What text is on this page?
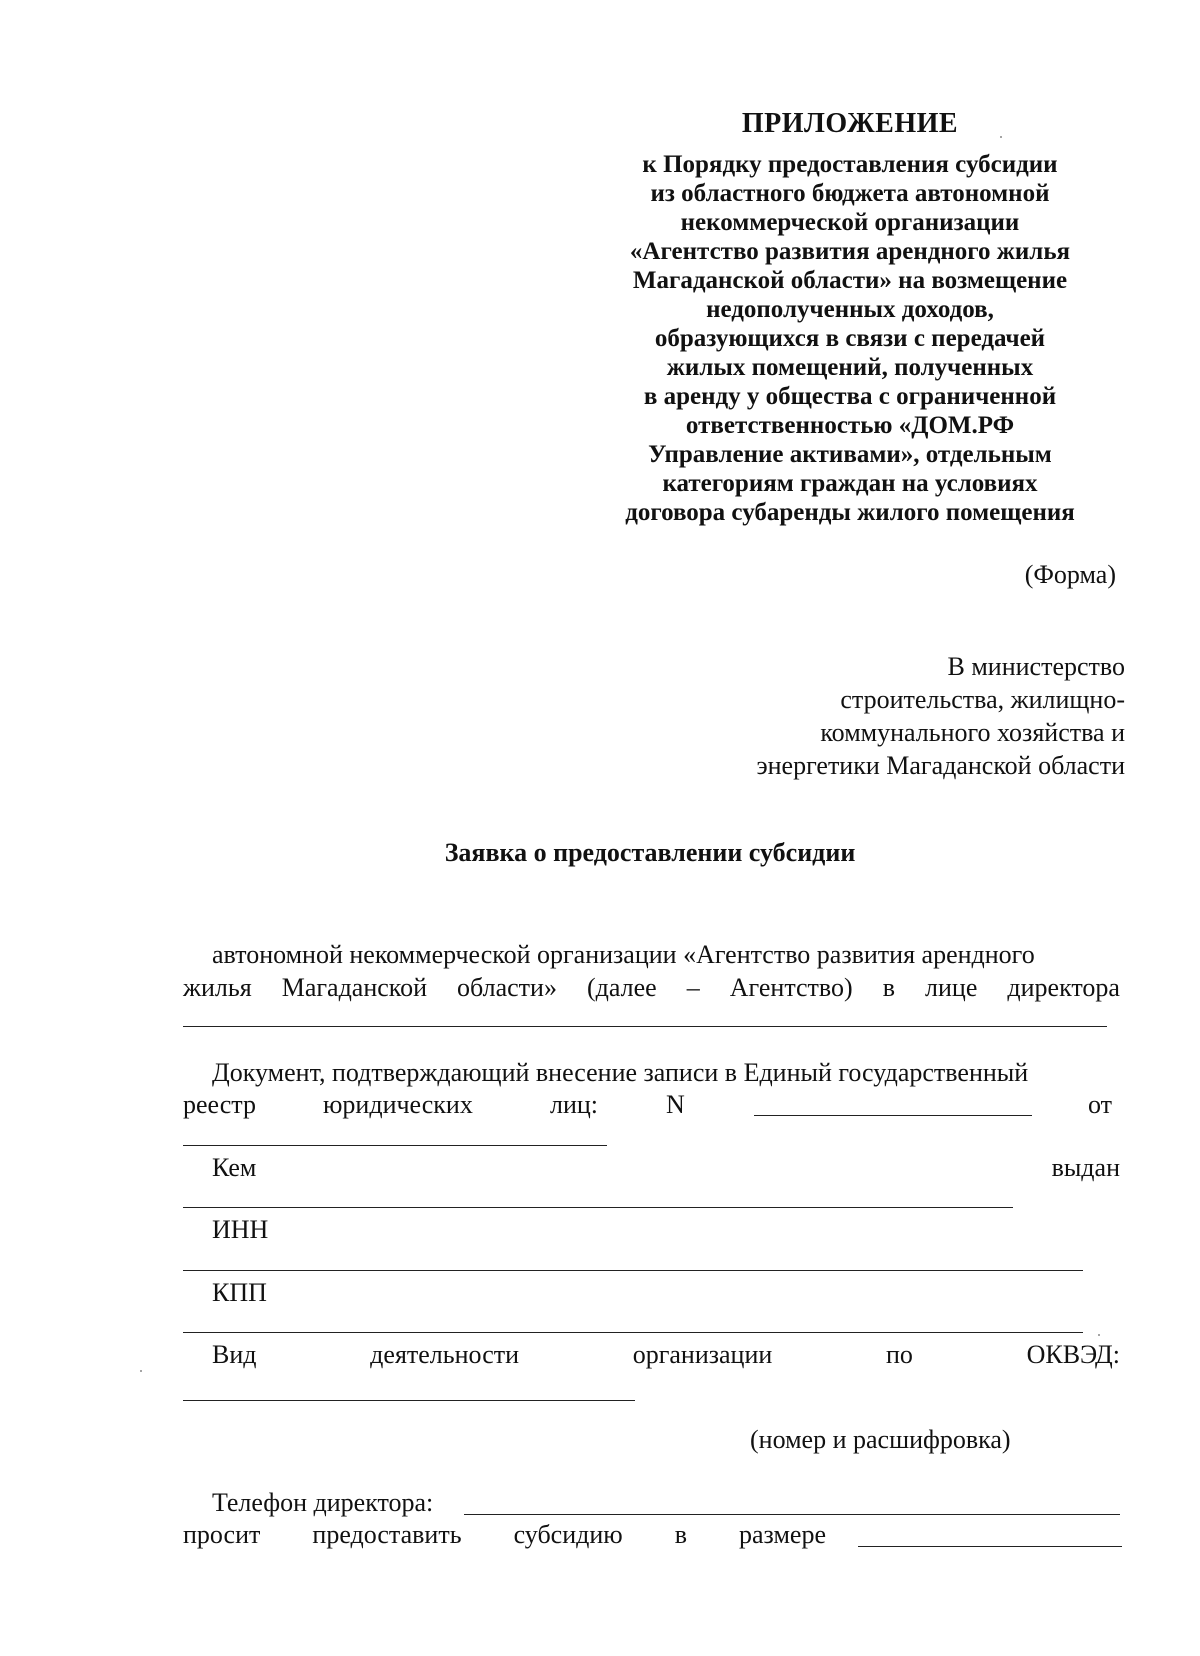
ПРИЛОЖЕНИЕ
к Порядку предоставления субсидии
из областного бюджета автономной
некоммерческой организации
«Агентство развития арендного жилья
Магаданской области» на возмещение
недополученных доходов,
образующихся в связи с передачей
жилых помещений, полученных
в аренду у общества с ограниченной
ответственностью «ДОМ.РФ
Управление активами», отдельным
категориям граждан на условиях
договора субаренды жилого помещения
(Форма)
В министерство
строительства, жилищно-
коммунального хозяйства и
энергетики Магаданской области
Заявка о предоставлении субсидии
автономной некоммерческой организации «Агентство развития арендного
жилья Магаданской области» (далее – Агентство) в лице директора
Документ, подтверждающий внесение записи в Единый государственный
реестр	юридических	лиц:	N	от
Кем	выдан
ИНН
КПП
Вид	деятельности	организации	по	ОКВЭД:
(номер и расшифровка)
Телефон директора:
просит предоставить субсидию в размере
